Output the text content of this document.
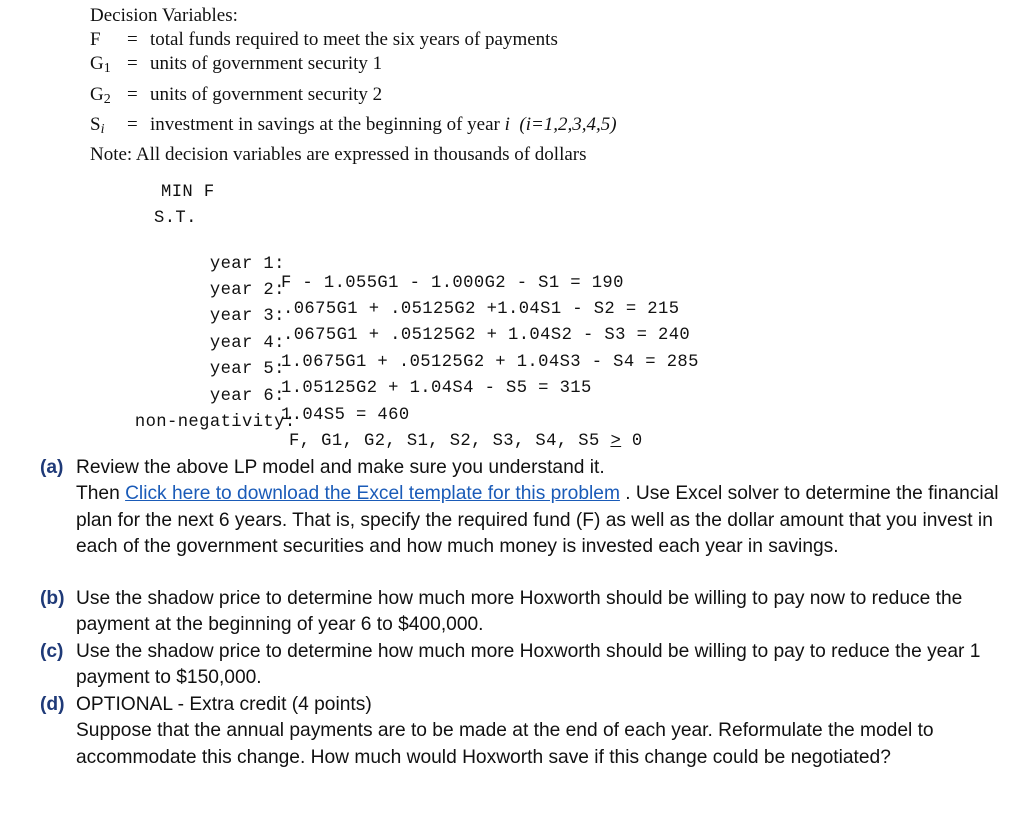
Decision Variables:
F	= total funds required to meet the six years of payments
$G_1$ = units of government security 1
$G_2$ = units of government security 2
$S_i$	= investment in savings at the beginning of year i (i=1,2,3,4,5)
Note: All decision variables are expressed in thousands of dollars
MIN F
S.T.

year 1:

F - 1.055G1 - 1.000G2 - S1 = 190

year 2:

.0675G1 + .05125G2 +1.04S1 - S2 = 215

year 3:

.0675G1 + .05125G2 + 1.04S2 - S3 = 240

year 4:

1.0675G1 + .05125G2 + 1.04S3 - S4 = 285

year 5:

1.05125G2 + 1.04S4 - S5 = 315

year 6:

1.04S5 = 460

non-negativity:

F, G1, G2, S1, S2, S3, S4, S5 ≥ 0

(a) Review the above LP model and make sure you understand it.
Then Click here to download the Excel template for this problem . Use Excel solver to determine the financial plan for the next 6 years. That is, specify the required fund (F) as well as the dollar amount that you invest in each of the government securities and how much money is invested each year in savings.
(b) Use the shadow price to determine how much more Hoxworth should be willing to pay now to reduce the payment at the beginning of year 6 to $400,000.
(c) Use the shadow price to determine how much more Hoxworth should be willing to pay to reduce the year 1 payment to $150,000.
(d) OPTIONAL - Extra credit (4 points)
Suppose that the annual payments are to be made at the end of each year. Reformulate the model to accommodate this change. How much would Hoxworth save if this change could be negotiated?
